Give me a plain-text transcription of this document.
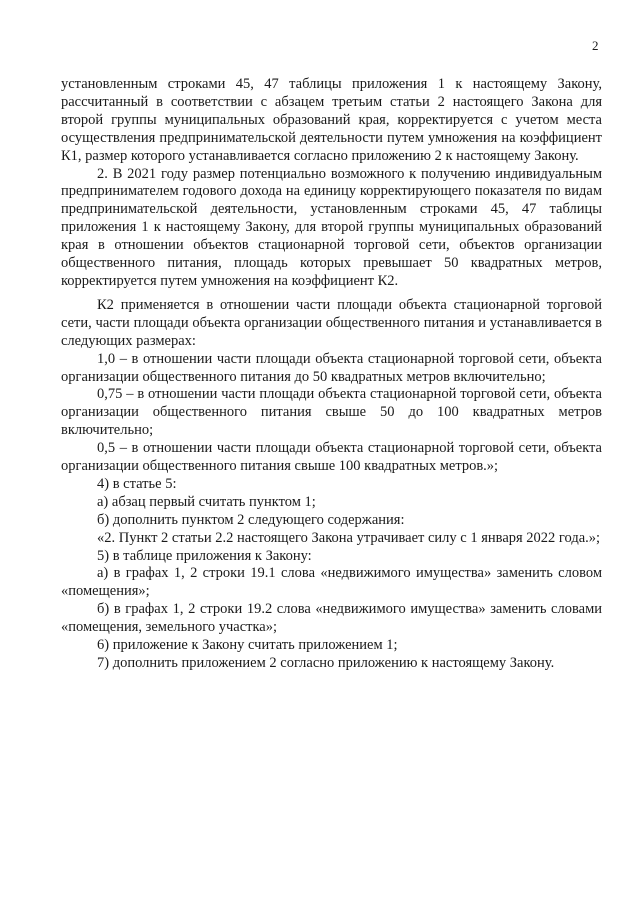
2

установленным строками 45, 47 таблицы приложения 1 к настоящему Закону, рассчитанный в соответствии с абзацем третьим статьи 2 настоящего Закона для второй группы муниципальных образований края, корректируется с учетом места осуществления предпринимательской деятельности путем умножения на коэффициент К1, размер которого устанавливается согласно приложению 2 к настоящему Закону.

2. В 2021 году размер потенциально возможного к получению индивидуальным предпринимателем годового дохода на единицу корректирующего показателя по видам предпринимательской деятельности, установленным строками 45, 47 таблицы приложения 1 к настоящему Закону, для второй группы муниципальных образований края в отношении объектов стационарной торговой сети, объектов организации общественного питания, площадь которых превышает 50 квадратных метров, корректируется путем умножения на коэффициент К2.

К2 применяется в отношении части площади объекта стационарной торговой сети, части площади объекта организации общественного питания и устанавливается в следующих размерах:

1,0 – в отношении части площади объекта стационарной торговой сети, объекта организации общественного питания до 50 квадратных метров включительно;

0,75 – в отношении части площади объекта стационарной торговой сети, объекта организации общественного питания свыше 50 до 100 квадратных метров включительно;

0,5 – в отношении части площади объекта стационарной торговой сети, объекта организации общественного питания свыше 100 квадратных метров.»;

4) в статье 5:

а) абзац первый считать пунктом 1;

б) дополнить пунктом 2 следующего содержания:

«2. Пункт 2 статьи 2.2 настоящего Закона утрачивает силу с 1 января 2022 года.»;

5) в таблице приложения к Закону:

а) в графах 1, 2 строки 19.1 слова «недвижимого имущества» заменить словом «помещения»;

б) в графах 1, 2 строки 19.2 слова «недвижимого имущества» заменить словами «помещения, земельного участка»;

6) приложение к Закону считать приложением 1;

7) дополнить приложением 2 согласно приложению к настоящему Закону.
